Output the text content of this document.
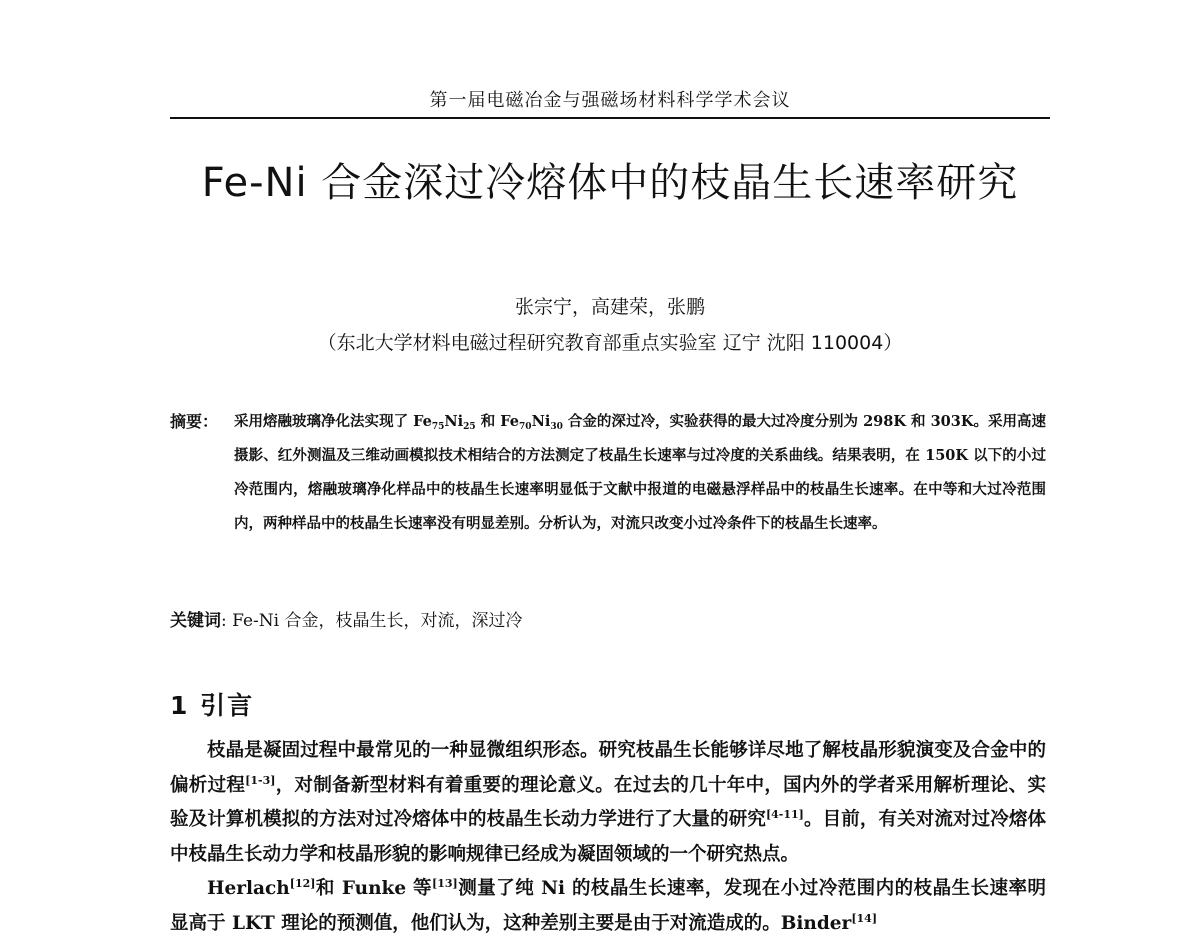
第一届电磁冶金与强磁场材料科学学术会议
Fe-Ni 合金深过冷熔体中的枝晶生长速率研究
张宗宁，高建荣，张鹏
（东北大学材料电磁过程研究教育部重点实验室 辽宁 沈阳 110004）
摘要： 采用熔融玻璃净化法实现了 $Fe_{75}Ni_{25}$ 和 $Fe_{70}Ni_{30}$ 合金的深过冷，实验获得的最大过冷度分别为 298K 和 303K。采用高速摄影、红外测温及三维动画模拟技术相结合的方法测定了枝晶生长速率与过冷度的关系曲线。结果表明，在 150K 以下的小过冷范围内，熔融玻璃净化样品中的枝晶生长速率明显低于文献中报道的电磁悬浮样品中的枝晶生长速率。在中等和大过冷范围内，两种样品中的枝晶生长速率没有明显差别。分析认为，对流只改变小过冷条件下的枝晶生长速率。
关键词: Fe-Ni 合金，枝晶生长，对流，深过冷
1 引言

枝晶是凝固过程中最常见的一种显微组织形态。研究枝晶生长能够详尽地了解枝晶形貌演变及合金中的偏析过程[1-3]，对制备新型材料有着重要的理论意义。在过去的几十年中，国内外的学者采用解析理论、实验及计算机模拟的方法对过冷熔体中的枝晶生长动力学进行了大量的研究[4-11]。目前，有关对流对过冷熔体中枝晶生长动力学和枝晶形貌的影响规律已经成为凝固领域的一个研究热点。

Herlach[12]和 Funke 等[13]测量了纯 Ni 的枝晶生长速率，发现在小过冷范围内的枝晶生长速率明显高于 LKT 理论的预测值，他们认为，这种差别主要是由于对流造成的。Binder[14]
